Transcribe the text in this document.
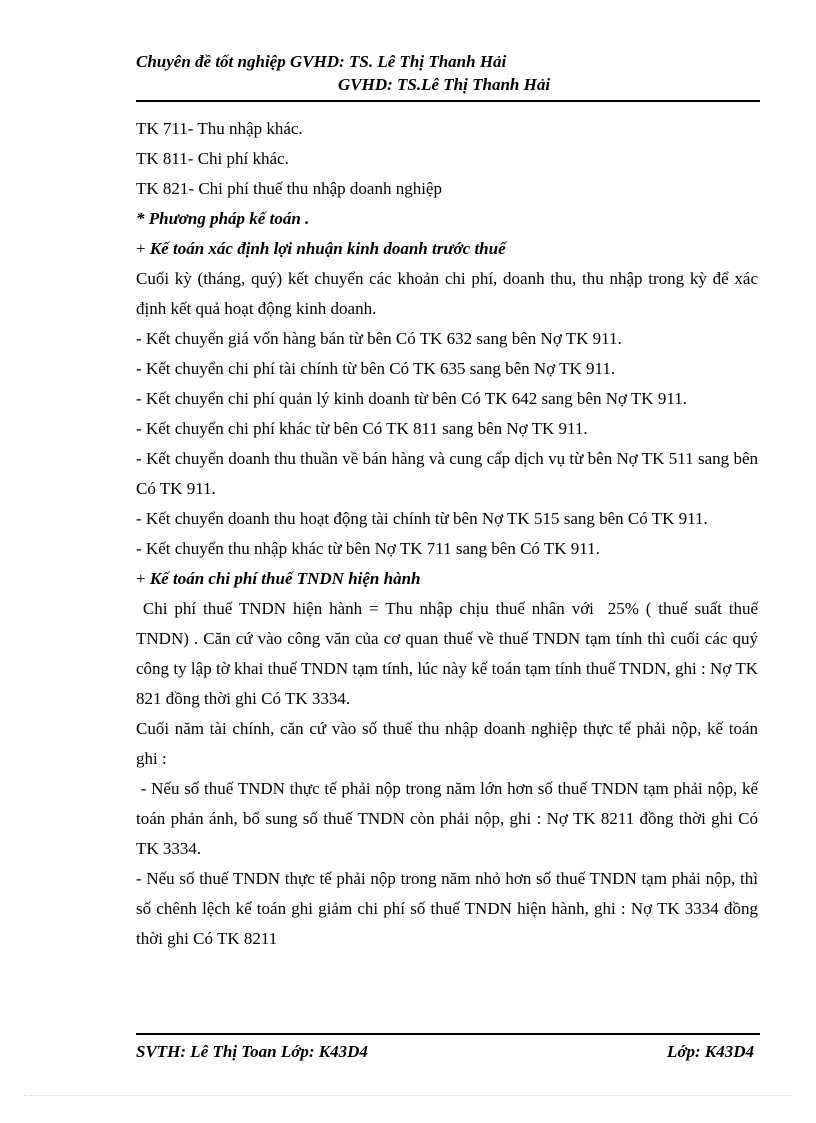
Chuyên đề tốt nghiệp GVHD: TS. Lê Thị Thanh Hải
GVHD: TS.Lê Thị Thanh Hải

TK 711- Thu nhập khác.

TK 811- Chi phí khác.

TK 821- Chi phí thuế thu nhập doanh nghiệp

* Phương pháp kế toán .

+ Kế toán xác định lợi nhuận kinh doanh trước thuế

Cuối kỳ (tháng, quý) kết chuyển các khoản chi phí, doanh thu, thu nhập trong kỳ để xác định kết quả hoạt động kinh doanh.

- Kết chuyển giá vốn hàng bán từ bên Có TK 632 sang bên Nợ TK 911.

- Kết chuyển chi phí tài chính từ bên Có TK 635 sang bên Nợ TK 911.

- Kết chuyển chi phí quản lý kinh doanh từ bên Có TK 642 sang bên Nợ TK 911.

- Kết chuyển chi phí khác từ bên Có TK 811 sang bên Nợ TK 911.

- Kết chuyển doanh thu thuần về bán hàng và cung cấp dịch vụ từ bên Nợ TK 511 sang bên Có TK 911.

- Kết chuyển doanh thu hoạt động tài chính từ bên Nợ TK 515 sang bên Có TK 911.

- Kết chuyển thu nhập khác từ bên Nợ TK 711 sang bên Có TK 911.

+ Kế toán chi phí thuế TNDN hiện hành

Chi phí thuế TNDN hiện hành = Thu nhập chịu thuế nhân với  25% ( thuế suất thuế TNDN) . Căn cứ vào công văn của cơ quan thuế về thuế TNDN tạm tính thì cuối các quý công ty lập tờ khai thuế TNDN tạm tính, lúc này kế toán tạm tính thuế TNDN, ghi : Nợ TK 821 đồng thời ghi Có TK 3334.

Cuối năm tài chính, căn cứ vào số thuế thu nhập doanh nghiệp thực tế phải nộp, kế toán ghi :

- Nếu số thuế TNDN thực tế phải nộp trong năm lớn hơn số thuế TNDN tạm phải nộp, kế toán phản ánh, bổ sung số thuế TNDN còn phải nộp, ghi : Nợ TK 8211 đồng thời ghi Có TK 3334.

- Nếu số thuế TNDN thực tế phải nộp trong năm nhỏ hơn số thuế TNDN tạm phải nộp, thì số chênh lệch kế toán ghi giảm chi phí số thuế TNDN hiện hành, ghi : Nợ TK 3334 đồng thời ghi Có TK 8211

SVTH: Lê Thị Toan Lớp: K43D4	Lớp: K43D4
